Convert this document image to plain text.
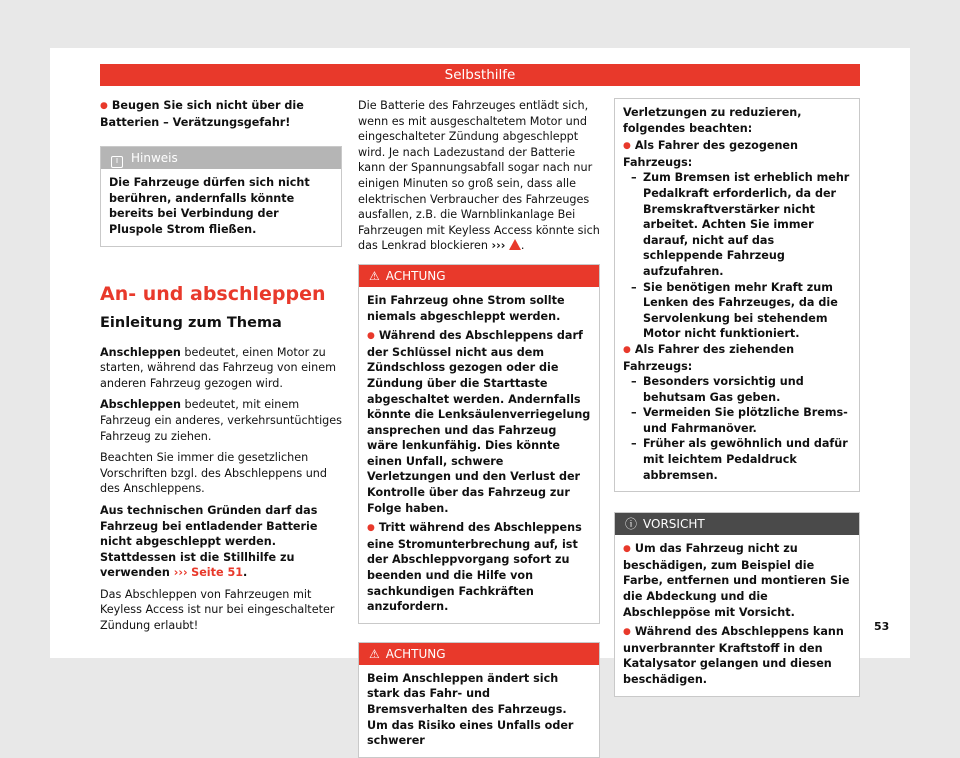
Selbsthilfe
● Beugen Sie sich nicht über die Batterien – Verätzungsgefahr!
i Hinweis
Die Fahrzeuge dürfen sich nicht berühren, andernfalls könnte bereits bei Verbindung der Pluspole Strom fließen.
An- und abschleppen
Einleitung zum Thema
Anschleppen bedeutet, einen Motor zu starten, während das Fahrzeug von einem anderen Fahrzeug gezogen wird.
Abschleppen bedeutet, mit einem Fahrzeug ein anderes, verkehrsuntüchtiges Fahrzeug zu ziehen.
Beachten Sie immer die gesetzlichen Vorschriften bzgl. des Abschleppens und des Anschleppens.
Aus technischen Gründen darf das Fahrzeug bei entladender Batterie nicht abgeschleppt werden. Stattdessen ist die Stillhilfe zu verwenden ››› Seite 51.
Das Abschleppen von Fahrzeugen mit Keyless Access ist nur bei eingeschalteter Zündung erlaubt!
Die Batterie des Fahrzeuges entlädt sich, wenn es mit ausgeschaltetem Motor und eingeschalteter Zündung abgeschleppt wird. Je nach Ladezustand der Batterie kann der Spannungsabfall sogar nach nur einigen Minuten so groß sein, dass alle elektrischen Verbraucher des Fahrzeuges ausfallen, z.B. die Warnblinkanlage Bei Fahrzeugen mit Keyless Access könnte sich das Lenkrad blockieren ››› .
⚠ ACHTUNG
Ein Fahrzeug ohne Strom sollte niemals abgeschleppt werden.
● Während des Abschleppens darf der Schlüssel nicht aus dem Zündschloss gezogen oder die Zündung über die Starttaste abgeschaltet werden. Andernfalls könnte die Lenksäulenverriegelung ansprechen und das Fahrzeug wäre lenkunfähig. Dies könnte einen Unfall, schwere Verletzungen und den Verlust der Kontrolle über das Fahrzeug zur Folge haben.
● Tritt während des Abschleppens eine Stromunterbrechung auf, ist der Abschleppvorgang sofort zu beenden und die Hilfe von sachkundigen Fachkräften anzufordern.
⚠ ACHTUNG
Beim Anschleppen ändert sich stark das Fahr- und Bremsverhalten des Fahrzeugs. Um das Risiko eines Unfalls oder schwerer
Verletzungen zu reduzieren, folgendes beachten:
● Als Fahrer des gezogenen Fahrzeugs:
– Zum Bremsen ist erheblich mehr Pedalkraft erforderlich, da der Bremskraftverstärker nicht arbeitet. Achten Sie immer darauf, nicht auf das schleppende Fahrzeug aufzufahren.
– Sie benötigen mehr Kraft zum Lenken des Fahrzeuges, da die Servolenkung bei stehendem Motor nicht funktioniert.
● Als Fahrer des ziehenden Fahrzeugs:
– Besonders vorsichtig und behutsam Gas geben.
– Vermeiden Sie plötzliche Brems- und Fahrmanöver.
– Früher als gewöhnlich und dafür mit leichtem Pedaldruck abbremsen.
ⓘ VORSICHT
● Um das Fahrzeug nicht zu beschädigen, zum Beispiel die Farbe, entfernen und montieren Sie die Abdeckung und die Abschleppöse mit Vorsicht.
● Während des Abschleppens kann unverbrannter Kraftstoff in den Katalysator gelangen und diesen beschädigen.
53
